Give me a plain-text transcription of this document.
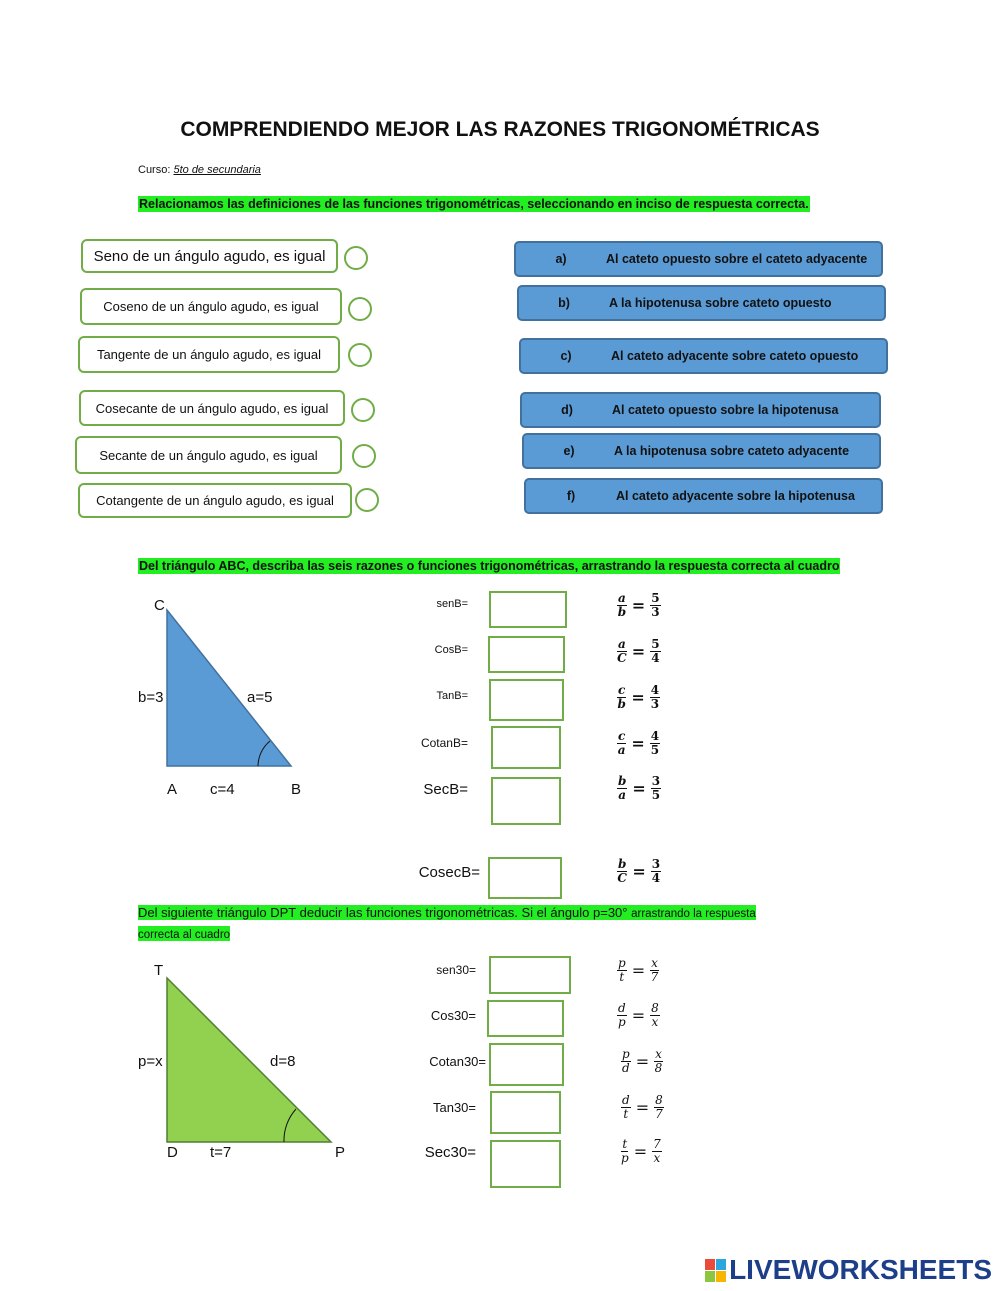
COMPRENDIENDO MEJOR LAS RAZONES TRIGONOMÉTRICAS
Curso: 5to de secundaria
Relacionamos las definiciones de las funciones trigonométricas, seleccionando en inciso de respuesta correcta.
Del triángulo ABC, describa las seis razones o funciones trigonométricas, arrastrando la respuesta correcta al cuadro
C
b=3	a=5
A c=4	B
Del siguiente triángulo DPT deducir las funciones trigonométricas. Si el ángulo p=30° arrastrando la respuesta
correcta al cuadro
T
p=x	d=8
D t=7	P
LIVEWORKSHEETS
Seno de un ángulo agudo, es igual
Coseno de un ángulo agudo, es igual
Tangente de un ángulo agudo, es igual
Cosecante de un ángulo agudo, es igual
Secante de un ángulo agudo, es igual
Cotangente de un ángulo agudo, es igual
a)	Al cateto opuesto sobre el cateto adyacente
b)	A la hipotenusa sobre cateto opuesto
c)	Al cateto adyacente sobre cateto opuesto
d)	Al cateto opuesto sobre la hipotenusa
e)	A la hipotenusa sobre cateto adyacente
f)	Al cateto adyacente sobre la hipotenusa
senB=	$\frac{a}{b} = \frac{5}{3}$
CosB=	$\frac{a}{C} = \frac{5}{4}$
TanB=	$\frac{c}{b} = \frac{4}{3}$
CotanB=	$\frac{c}{a} = \frac{4}{5}$
SecB=	$\frac{b}{a} = \frac{3}{5}$
CosecB=	$\frac{b}{C} = \frac{3}{4}$
sen30=	$\frac{p}{t} = \frac{x}{7}$
Cos30=	$\frac{d}{p} = \frac{8}{x}$
Cotan30=	$\frac{p}{d} = \frac{x}{8}$
Tan30=	$\frac{d}{t} = \frac{8}{7}$
Sec30=	$\frac{t}{p} = \frac{7}{x}$
